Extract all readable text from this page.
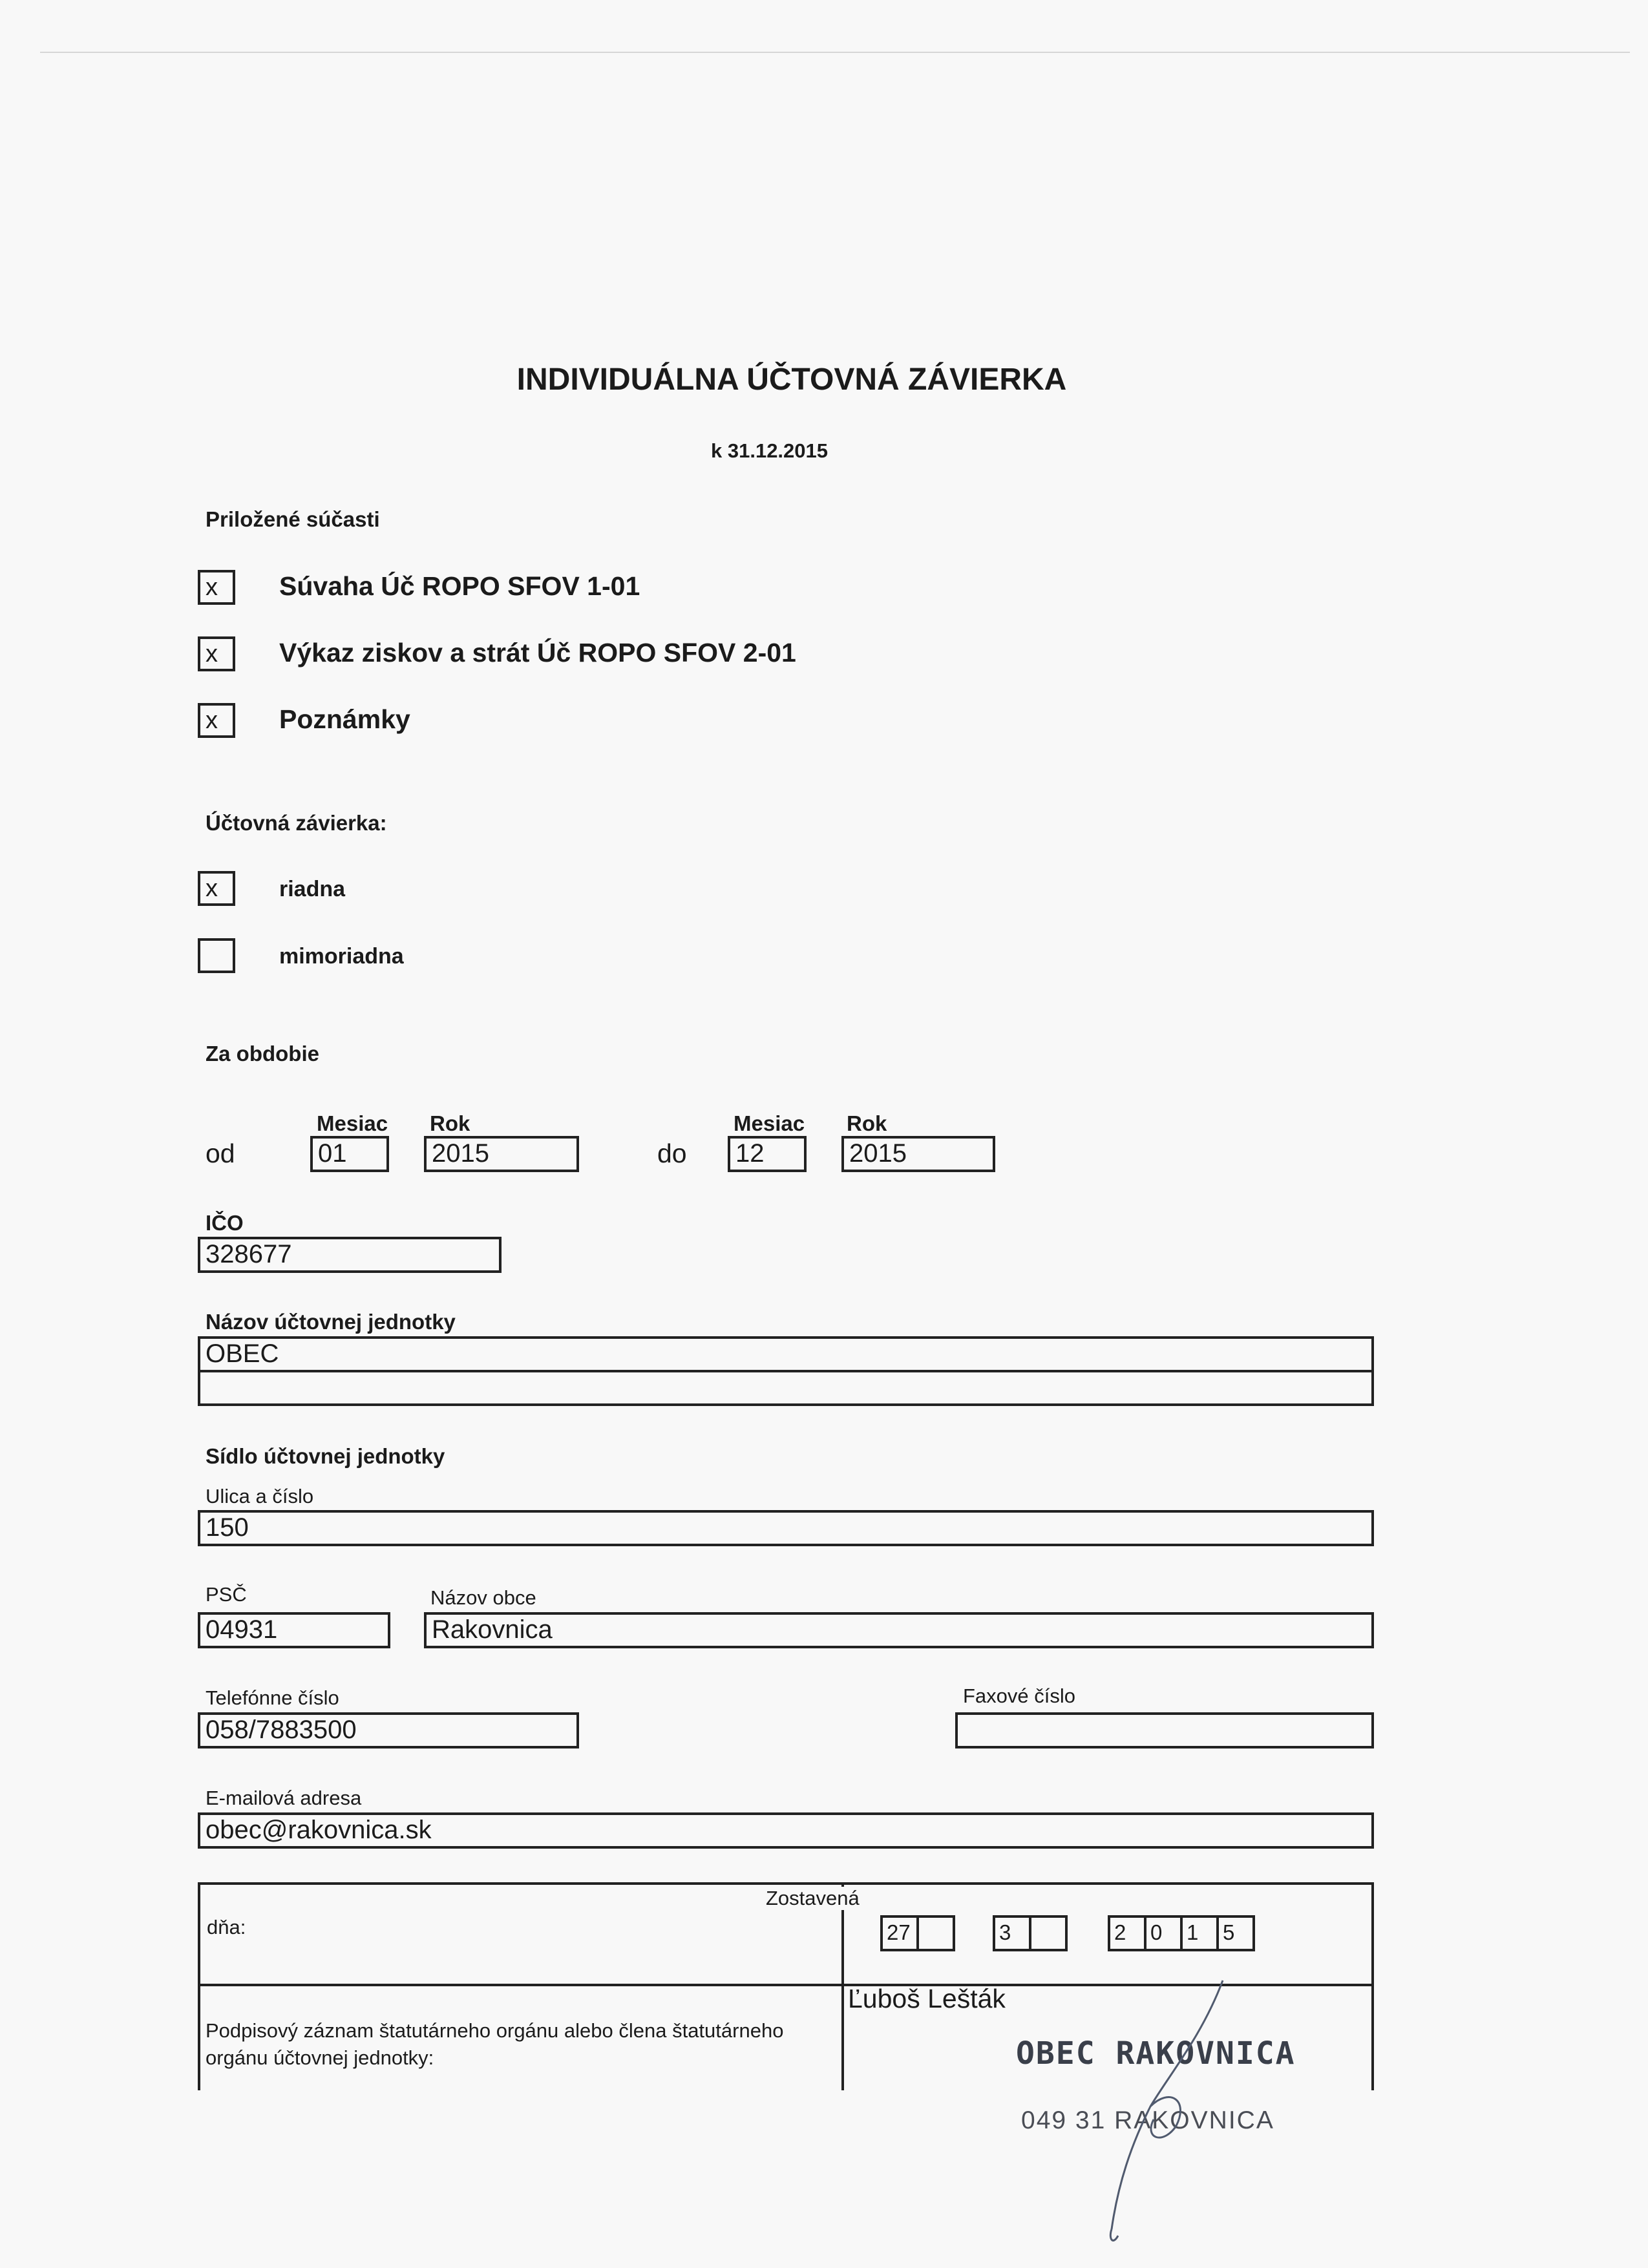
INDIVIDUÁLNA ÚČTOVNÁ ZÁVIERKA
k 31.12.2015
Priložené súčasti
x	Súvaha Úč ROPO SFOV 1-01
x	Výkaz ziskov a strát Úč ROPO SFOV 2-01
x	Poznámky
Účtovná závierka:
x	riadna
mimoriadna
Za obdobie
Mesiac Rok	Mesiac Rok
od	01	2015	do	12	2015
IČO
328677
Názov účtovnej jednotky
OBEC
Sídlo účtovnej jednotky
Ulica a číslo
150
PSČ
04931
Názov obce
Rakovnica
Telefónne číslo
058/7883500
Faxové číslo
E-mailová adresa
obec@rakovnica.sk
Zostavená
dňa:	27	3	2	0	1	5
Podpisový záznam štatutárneho orgánu alebo člena štatutárneho orgánu účtovnej jednotky:
Ľuboš Lešták
OBEC RAKOVNICA
049 31 RAKOVNICA
